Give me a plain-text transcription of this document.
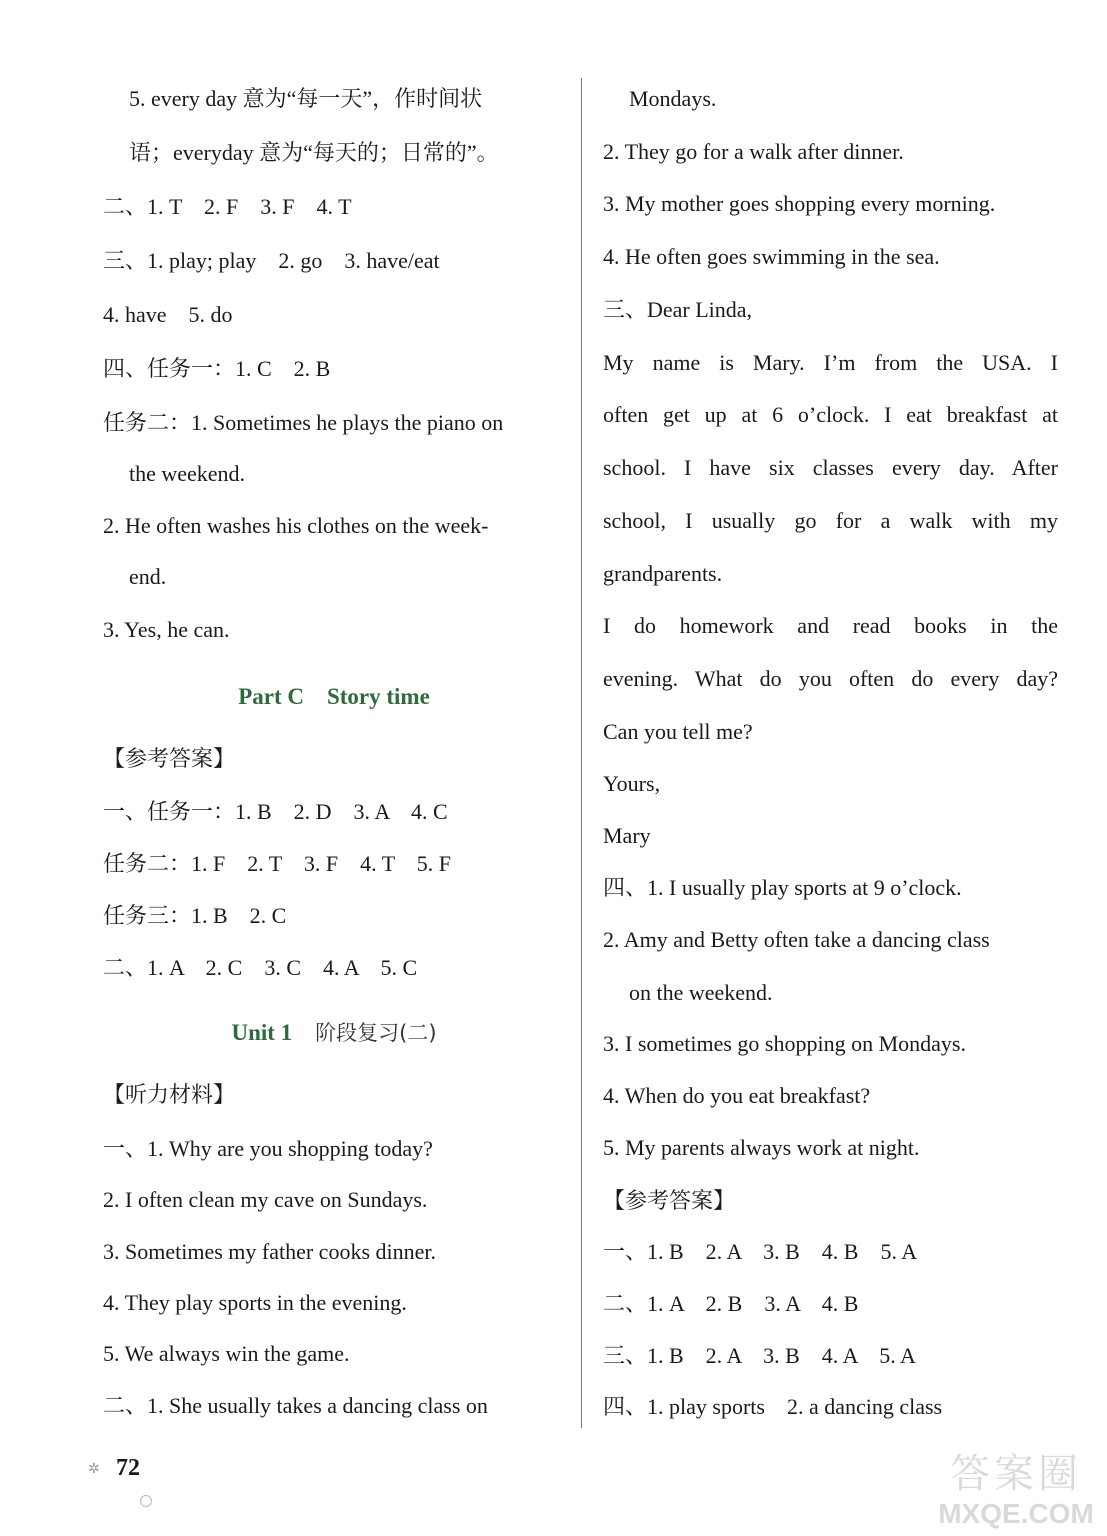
5. every day 意为“每一天”，作时间状
语；everyday 意为“每天的；日常的”。
二、1. T　2. F　3. F　4. T
三、1. play; play　2. go　3. have/eat
4. have　5. do
四、任务一：1. C　2. B
任务二：1. Sometimes he plays the piano on
the weekend.
2. He often washes his clothes on the week-
end.
3. Yes, he can.
Part C　Story time
【参考答案】
一、任务一：1. B　2. D　3. A　4. C
任务二：1. F　2. T　3. F　4. T　5. F
任务三：1. B　2. C
二、1. A　2. C　3. C　4. A　5. C
Unit 1 阶段复习(二)
【听力材料】
一、1. Why are you shopping today?
2. I often clean my cave on Sundays.
3. Sometimes my father cooks dinner.
4. They play sports in the evening.
5. We always win the game.
二、1. She usually takes a dancing class on
Mondays.
2. They go for a walk after dinner.
3. My mother goes shopping every morning.
4. He often goes swimming in the sea.
三、Dear Linda,
My name is Mary. I’m from the USA. I
often get up at 6 o’clock. I eat breakfast at
school. I have six classes every day. After
school, I usually go for a walk with my
grandparents.
I do homework and read books in the
evening. What do you often do every day?
Can you tell me?
Yours,
Mary
四、1. I usually play sports at 9 o’clock.
2. Amy and Betty often take a dancing class
on the weekend.
3. I sometimes go shopping on Mondays.
4. When do you eat breakfast?
5. My parents always work at night.
【参考答案】
一、1. B　2. A　3. B　4. B　5. A
二、1. A　2. B　3. A　4. B
三、1. B　2. A　3. B　4. A　5. A
四、1. play sports　2. a dancing class
✲ 72	答案圈
MXQE.COM
